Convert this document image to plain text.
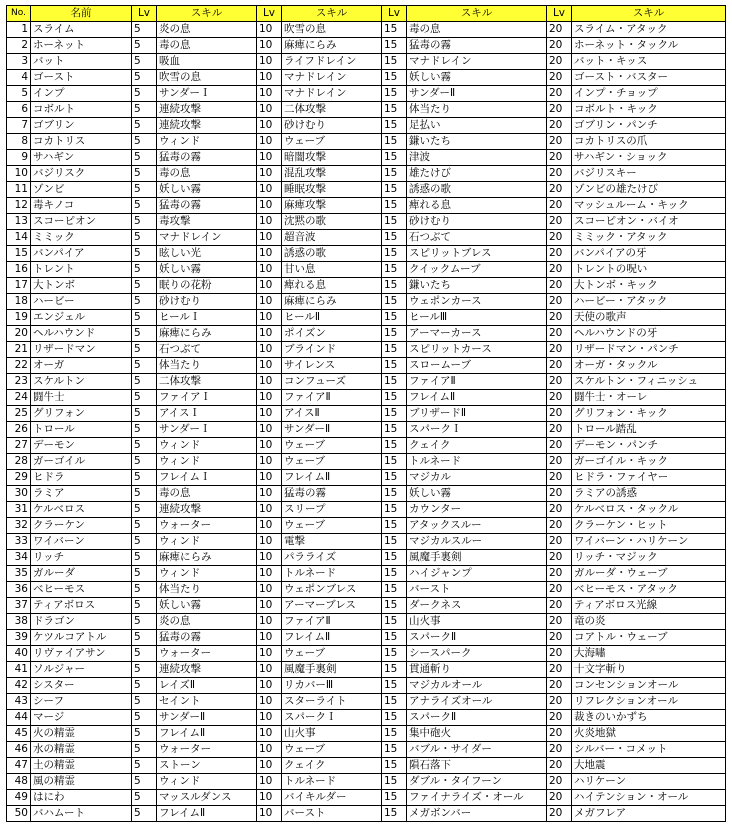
No.	名前	Lv	スキル	Lv	スキル	Lv	スキル	Lv	スキル
1	スライム	5	炎の息	10	吹雪の息	15	毒の息	20	スライム・アタック
2	ホーネット	5	毒の息	10	麻痺にらみ	15	猛毒の霧	20	ホーネット・タックル
3	バット	5	吸血	10	ライフドレイン	15	マナドレイン	20	バット・キッス
4	ゴースト	5	吹雪の息	10	マナドレイン	15	妖しい霧	20	ゴースト・バスター
5	インプ	5	サンダーＩ	10	マナドレイン	15	サンダーⅡ	20	インプ・チョップ
6	コボルト	5	連続攻撃	10	二体攻撃	15	体当たり	20	コボルト・キック
7	ゴブリン	5	連続攻撃	10	砂けむり	15	足払い	20	ゴブリン・パンチ
8	コカトリス	5	ウィンド	10	ウェーブ	15	鎌いたち	20	コカトリスの爪
9	サハギン	5	猛毒の霧	10	暗闇攻撃	15	津波	20	サハギン・ショック
10	バジリスク	5	毒の息	10	混乱攻撃	15	雄たけび	20	バジリスキー
11	ゾンビ	5	妖しい霧	10	睡眠攻撃	15	誘惑の歌	20	ゾンビの雄たけび
12	毒キノコ	5	猛毒の霧	10	麻痺攻撃	15	痺れる息	20	マッシュルーム・キック
13	スコーピオン	5	毒攻撃	10	沈黙の歌	15	砂けむり	20	スコーピオン・バイオ
14	ミミック	5	マナドレイン	10	超音波	15	石つぶて	20	ミミック・アタック
15	バンパイア	5	眩しい光	10	誘惑の歌	15	スピリットブレス	20	バンパイアの牙
16	トレント	5	妖しい霧	10	甘い息	15	クイックムーブ	20	トレントの呪い
17	大トンボ	5	眠りの花粉	10	痺れる息	15	鎌いたち	20	大トンボ・キック
18	ハービー	5	砂けむり	10	麻痺にらみ	15	ウェポンカース	20	ハービー・アタック
19	エンジェル	5	ヒールＩ	10	ヒールⅡ	15	ヒールⅢ	20	天使の歌声
20	ヘルハウンド	5	麻痺にらみ	10	ポイズン	15	アーマーカース	20	ヘルハウンドの牙
21	リザードマン	5	石つぶて	10	ブラインド	15	スピリットカース	20	リザードマン・パンチ
22	オーガ	5	体当たり	10	サイレンス	15	スロームーブ	20	オーガ・タックル
23	スケルトン	5	二体攻撃	10	コンフューズ	15	ファイアⅡ	20	スケルトン・フィニッシュ
24	闘牛士	5	ファイアＩ	10	ファイアⅡ	15	フレイムⅡ	20	闘牛士・オーレ
25	グリフォン	5	アイスＩ	10	アイスⅡ	15	ブリザードⅡ	20	グリフォン・キック
26	トロール	5	サンダーＩ	10	サンダーⅡ	15	スパークＩ	20	トロール踏乱
27	デーモン	5	ウィンド	10	ウェーブ	15	クェイク	20	デーモン・パンチ
28	ガーゴイル	5	ウィンド	10	ウェーブ	15	トルネード	20	ガーゴイル・キック
29	ヒドラ	5	フレイムＩ	10	フレイムⅡ	15	マジカル	20	ヒドラ・ファイヤー
30	ラミア	5	毒の息	10	猛毒の霧	15	妖しい霧	20	ラミアの誘惑
31	ケルベロス	5	連続攻撃	10	スリープ	15	カウンター	20	ケルベロス・タックル
32	クラーケン	5	ウォーター	10	ウェーブ	15	アタックスルー	20	クラーケン・ヒット
33	ワイバーン	5	ウィンド	10	電撃	15	マジカルスルー	20	ワイバーン・ハリケーン
34	リッチ	5	麻痺にらみ	10	パラライズ	15	風魔手裏剣	20	リッチ・マジック
35	ガルーダ	5	ウィンド	10	トルネード	15	ハイジャンプ	20	ガルーダ・ウェーブ
36	ベヒーモス	5	体当たり	10	ウェポンブレス	15	バースト	20	ベヒーモス・アタック
37	ティアボロス	5	妖しい霧	10	アーマーブレス	15	ダークネス	20	ティアボロス光線
38	ドラゴン	5	炎の息	10	ファイアⅡ	15	山火事	20	竜の炎
39	ケツルコアトル	5	猛毒の霧	10	フレイムⅡ	15	スパークⅡ	20	コアトル・ウェーブ
40	リヴァイアサン	5	ウォーター	10	ウェーブ	15	シースパーク	20	大海嘯
41	ソルジャー	5	連続攻撃	10	風魔手裏剣	15	貫通斬り	20	十文字斬り
42	シスター	5	レイズⅡ	10	リカバーⅢ	15	マジカルオール	20	コンセンションオール
43	シーフ	5	セイント	10	スターライト	15	アナライズオール	20	リフレクションオール
44	マージ	5	サンダーⅡ	10	スパークＩ	15	スパークⅡ	20	裁きのいかずち
45	火の精霊	5	フレイムⅡ	10	山火事	15	集中砲火	20	火炎地獄
46	水の精霊	5	ウォーター	10	ウェーブ	15	バブル・サイダー	20	シルバー・コメット
47	土の精霊	5	ストーン	10	クェイク	15	隕石落下	20	大地震
48	風の精霊	5	ウィンド	10	トルネード	15	ダブル・タイフーン	20	ハリケーン
49	はにわ	5	マッスルダンス	10	バイキルダー	15	ファイナライズ・オール	20	ハイテンション・オール
50	バハムート	5	フレイムⅡ	10	バースト	15	メガボンバー	20	メガフレア
